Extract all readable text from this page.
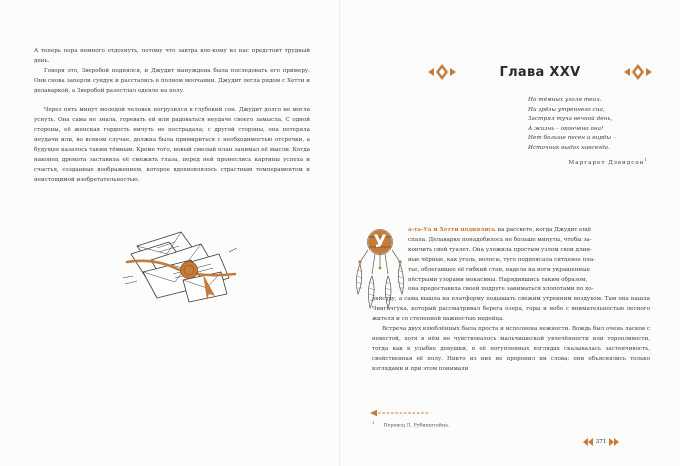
А теперь пора немного отдохнуть, потому что завтра кое-кому из нас предстоит трудный день.

Говоря это, Зверобой поднялся, и Джудит вынуждена была последовать его примеру. Они снова заперли сундук и расстались в полном молчании. Джудит легла рядом с Хетти и делаваркой, а Зверобой разостлал одеяло на полу.

Через пять минут молодой человек погрузился в глубокий сон. Джудит долго не могла уснуть. Она сама не знала, горевать ей или радоваться неудаче своего замысла. С одной стороны, её женская гордость ничуть не пострадала; с другой стороны, она потеряла неудачи или, во всяком случае, должна была примириться с необходимостью отсрочки, а будущее казалось таким тёмным. Кроме того, новый смелый план занимал её мысли. Когда наконец дремота заставила её смежить глаза, перед ней пронеслись картины успеха и счастья, созданные воображением, которое вдохновлялось страстным темпераментом и неистощимой изобретательностью.

Глава XXV
Но тёмных уголя теол.
Ни грёзы утреннего сна,
Застрял туча вечной день,
А жизнь – окончена она!
Нет больше песен и вирды –
Источник выдох навсегда.
Маргарет Дэвидсон$^1$
У
а-та-Уа и Хетти поднялись на рассвете, когда Джудит ещё
спала. Делаварке понадобилось не больше минуты, чтобы за-
кончить свой туалет. Она уложила простым узлом свои длин-
ные чёрные, как уголь, волосы, туго подпоясала ситцевое пла-
тье, облегавшее её гибкий стан, надела на ноги украшенные
пёстрыми узорами мокасины. Нарядившись таким образом,
она предоставила своей подруге заниматься хлопотами по хо-

зяйству, а сама вышла на платформу подышать свежим утренним воздухом. Там она нашла Чингачгука, который рассматривал берега озера, горы и небо с внимательностью лесного жителя и со степенной важностью индейца.

Встреча двух влюблённых была проста и исполнена нежности. Вождь был очень ласков с невестой, хотя в нём не чувствовалось мальчишеской увлечённости или торопливости, тогда как в улыбке девушки, в её потупленных взглядах сказывалась застенчивость, свойственная её полу. Никто из них не проронил ни слова; они объяснялись только взглядами и при этом понимали

$^1$Перевод Л. Рубинштейна.
371
